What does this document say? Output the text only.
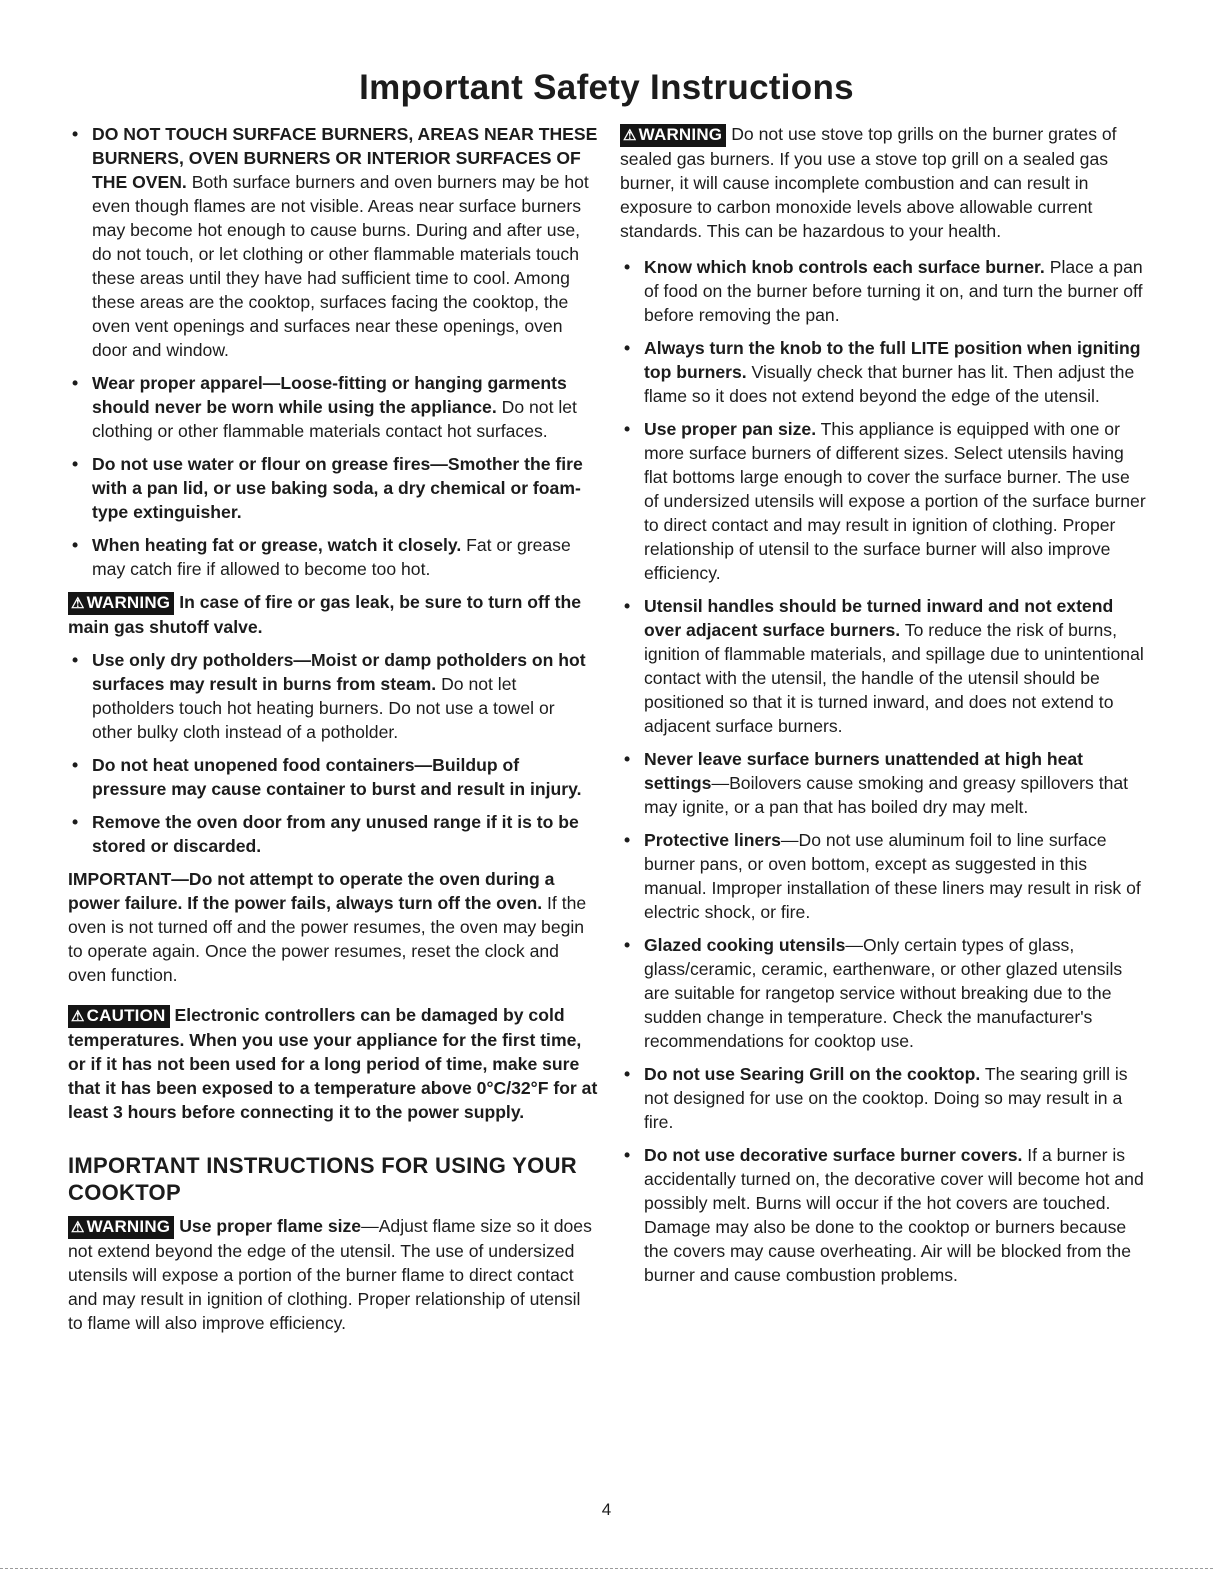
Important Safety Instructions
• DO NOT TOUCH SURFACE BURNERS, AREAS NEAR THESE BURNERS, OVEN BURNERS OR INTERIOR SURFACES OF THE OVEN. Both surface burners and oven burners may be hot even though flames are not visible. Areas near surface burners may become hot enough to cause burns. During and after use, do not touch, or let clothing or other flammable materials touch these areas until they have had sufficient time to cool. Among these areas are the cooktop, surfaces facing the cooktop, the oven vent openings and surfaces near these openings, oven door and window.
• Wear proper apparel—Loose-fitting or hanging garments should never be worn while using the appliance. Do not let clothing or other flammable materials contact hot surfaces.
• Do not use water or flour on grease fires—Smother the fire with a pan lid, or use baking soda, a dry chemical or foam-type extinguisher.
• When heating fat or grease, watch it closely. Fat or grease may catch fire if allowed to become too hot.
⚠ WARNING In case of fire or gas leak, be sure to turn off the main gas shutoff valve.
• Use only dry potholders—Moist or damp potholders on hot surfaces may result in burns from steam. Do not let potholders touch hot heating burners. Do not use a towel or other bulky cloth instead of a potholder.
• Do not heat unopened food containers—Buildup of pressure may cause container to burst and result in injury.
• Remove the oven door from any unused range if it is to be stored or discarded.
IMPORTANT—Do not attempt to operate the oven during a power failure. If the power fails, always turn off the oven. If the oven is not turned off and the power resumes, the oven may begin to operate again. Once the power resumes, reset the clock and oven function.
⚠ CAUTION Electronic controllers can be damaged by cold temperatures. When you use your appliance for the first time, or if it has not been used for a long period of time, make sure that it has been exposed to a temperature above 0°C/32°F for at least 3 hours before connecting it to the power supply.
IMPORTANT INSTRUCTIONS FOR USING YOUR COOKTOP
⚠ WARNING Use proper flame size—Adjust flame size so it does not extend beyond the edge of the utensil. The use of undersized utensils will expose a portion of the burner flame to direct contact and may result in ignition of clothing. Proper relationship of utensil to flame will also improve efficiency.
⚠ WARNING Do not use stove top grills on the burner grates of sealed gas burners. If you use a stove top grill on a sealed gas burner, it will cause incomplete combustion and can result in exposure to carbon monoxide levels above allowable current standards. This can be hazardous to your health.
• Know which knob controls each surface burner. Place a pan of food on the burner before turning it on, and turn the burner off before removing the pan.
• Always turn the knob to the full LITE position when igniting top burners. Visually check that burner has lit. Then adjust the flame so it does not extend beyond the edge of the utensil.
• Use proper pan size. This appliance is equipped with one or more surface burners of different sizes. Select utensils having flat bottoms large enough to cover the surface burner. The use of undersized utensils will expose a portion of the surface burner to direct contact and may result in ignition of clothing. Proper relationship of utensil to the surface burner will also improve efficiency.
• Utensil handles should be turned inward and not extend over adjacent surface burners. To reduce the risk of burns, ignition of flammable materials, and spillage due to unintentional contact with the utensil, the handle of the utensil should be positioned so that it is turned inward, and does not extend to adjacent surface burners.
• Never leave surface burners unattended at high heat settings—Boilovers cause smoking and greasy spillovers that may ignite, or a pan that has boiled dry may melt.
• Protective liners—Do not use aluminum foil to line surface burner pans, or oven bottom, except as suggested in this manual. Improper installation of these liners may result in risk of electric shock, or fire.
• Glazed cooking utensils—Only certain types of glass, glass/ceramic, ceramic, earthenware, or other glazed utensils are suitable for rangetop service without breaking due to the sudden change in temperature. Check the manufacturer's recommendations for cooktop use.
• Do not use Searing Grill on the cooktop. The searing grill is not designed for use on the cooktop. Doing so may result in a fire.
• Do not use decorative surface burner covers. If a burner is accidentally turned on, the decorative cover will become hot and possibly melt. Burns will occur if the hot covers are touched. Damage may also be done to the cooktop or burners because the covers may cause overheating. Air will be blocked from the burner and cause combustion problems.
4
